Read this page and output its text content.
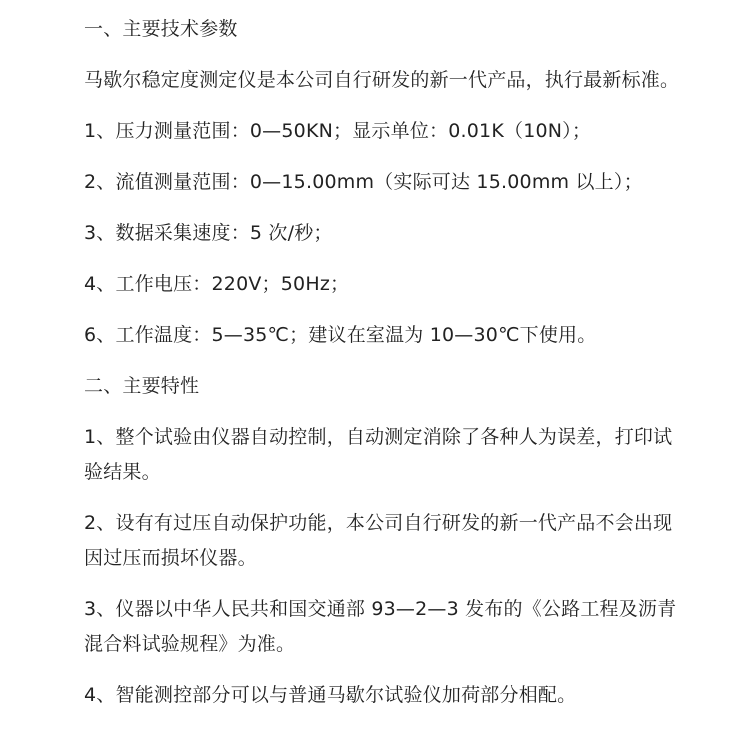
一、主要技术参数
马歇尔稳定度测定仪是本公司自行研发的新一代产品，执行最新标准。
1、压力测量范围：0—50KN；显示单位：0.01K（10N）；
2、流值测量范围：0—15.00mm（实际可达 15.00mm 以上）；
3、数据采集速度：5 次/秒；
4、工作电压：220V；50Hz；
6、工作温度：5—35℃；建议在室温为 10—30℃下使用。
二、主要特性
1、整个试验由仪器自动控制，自动测定消除了各种人为误差，打印试验结果。
2、设有有过压自动保护功能，本公司自行研发的新一代产品不会出现因过压而损坏仪器。
3、仪器以中华人民共和国交通部 93—2—3 发布的《公路工程及沥青混合料试验规程》为准。
4、智能测控部分可以与普通马歇尔试验仪加荷部分相配。
